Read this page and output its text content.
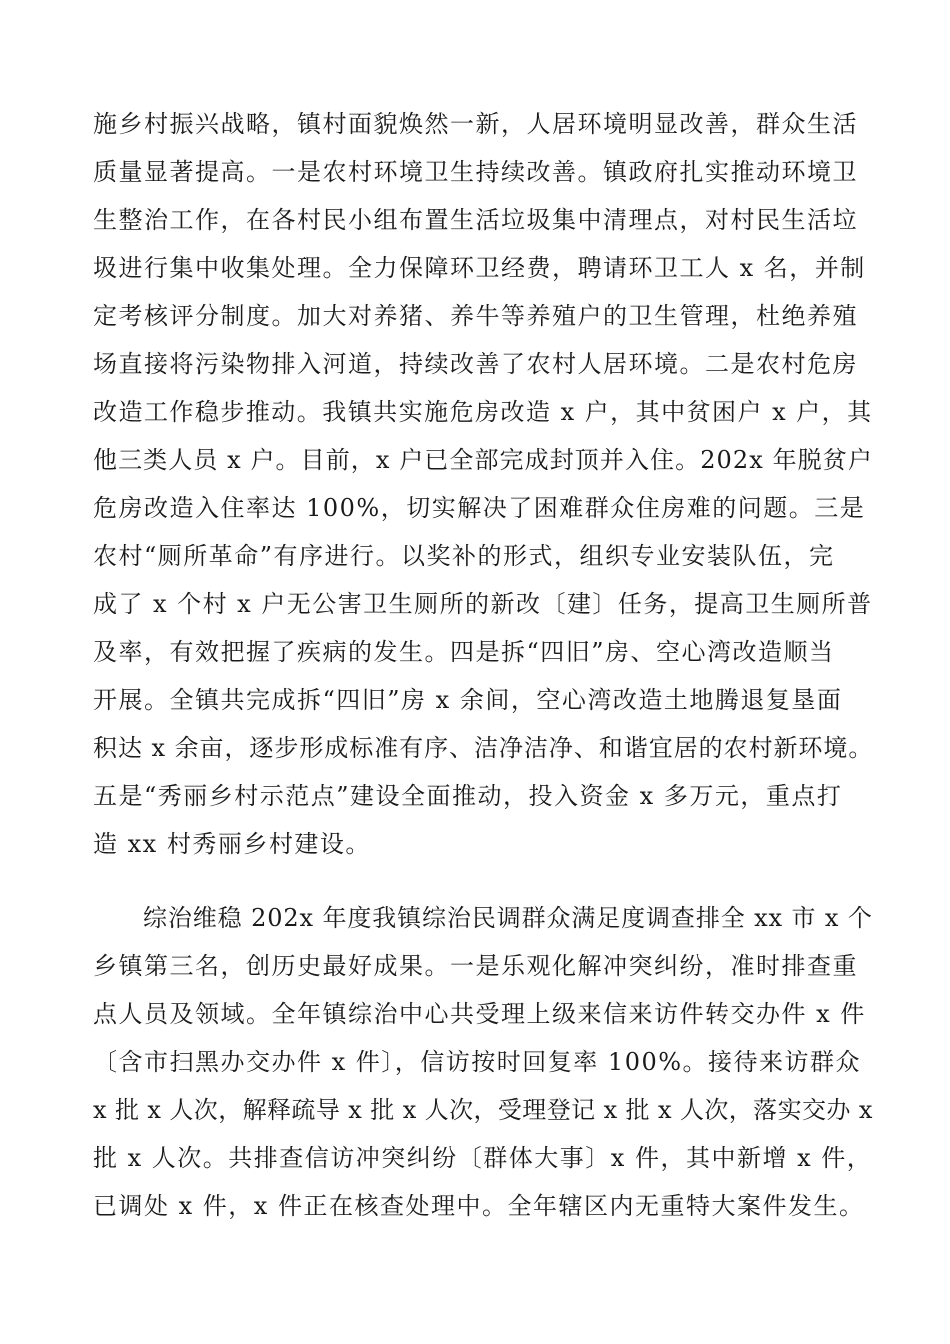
施乡村振兴战略，镇村面貌焕然一新，人居环境明显改善，群众生活
质量显著提高。一是农村环境卫生持续改善。镇政府扎实推动环境卫
生整治工作，在各村民小组布置生活垃圾集中清理点，对村民生活垃
圾进行集中收集处理。全力保障环卫经费，聘请环卫工人 x 名，并制
定考核评分制度。加大对养猪、养牛等养殖户的卫生管理，杜绝养殖
场直接将污染物排入河道，持续改善了农村人居环境。二是农村危房
改造工作稳步推动。我镇共实施危房改造 x 户，其中贫困户 x 户，其
他三类人员 x 户。目前，x 户已全部完成封顶并入住。202x 年脱贫户
危房改造入住率达 100%，切实解决了困难群众住房难的问题。三是
农村“厕所革命”有序进行。以奖补的形式，组织专业安装队伍，完
成了 x 个村 x 户无公害卫生厕所的新改〔建〕任务，提高卫生厕所普
及率，有效把握了疾病的发生。四是拆“四旧”房、空心湾改造顺当
开展。全镇共完成拆“四旧”房 x 余间，空心湾改造土地腾退复垦面
积达 x 余亩，逐步形成标准有序、洁净洁净、和谐宜居的农村新环境。
五是“秀丽乡村示范点”建设全面推动，投入资金 x 多万元，重点打
造 xx 村秀丽乡村建设。
综治维稳 202x 年度我镇综治民调群众满足度调查排全 xx 市 x 个
乡镇第三名，创历史最好成果。一是乐观化解冲突纠纷，准时排查重
点人员及领域。全年镇综治中心共受理上级来信来访件转交办件 x 件
〔含市扫黑办交办件 x 件〕，信访按时回复率 100%。接待来访群众
x 批 x 人次，解释疏导 x 批 x 人次，受理登记 x 批 x 人次，落实交办 x
批 x 人次。共排查信访冲突纠纷〔群体大事〕x 件，其中新增 x 件，
已调处 x 件，x 件正在核查处理中。全年辖区内无重特大案件发生。
